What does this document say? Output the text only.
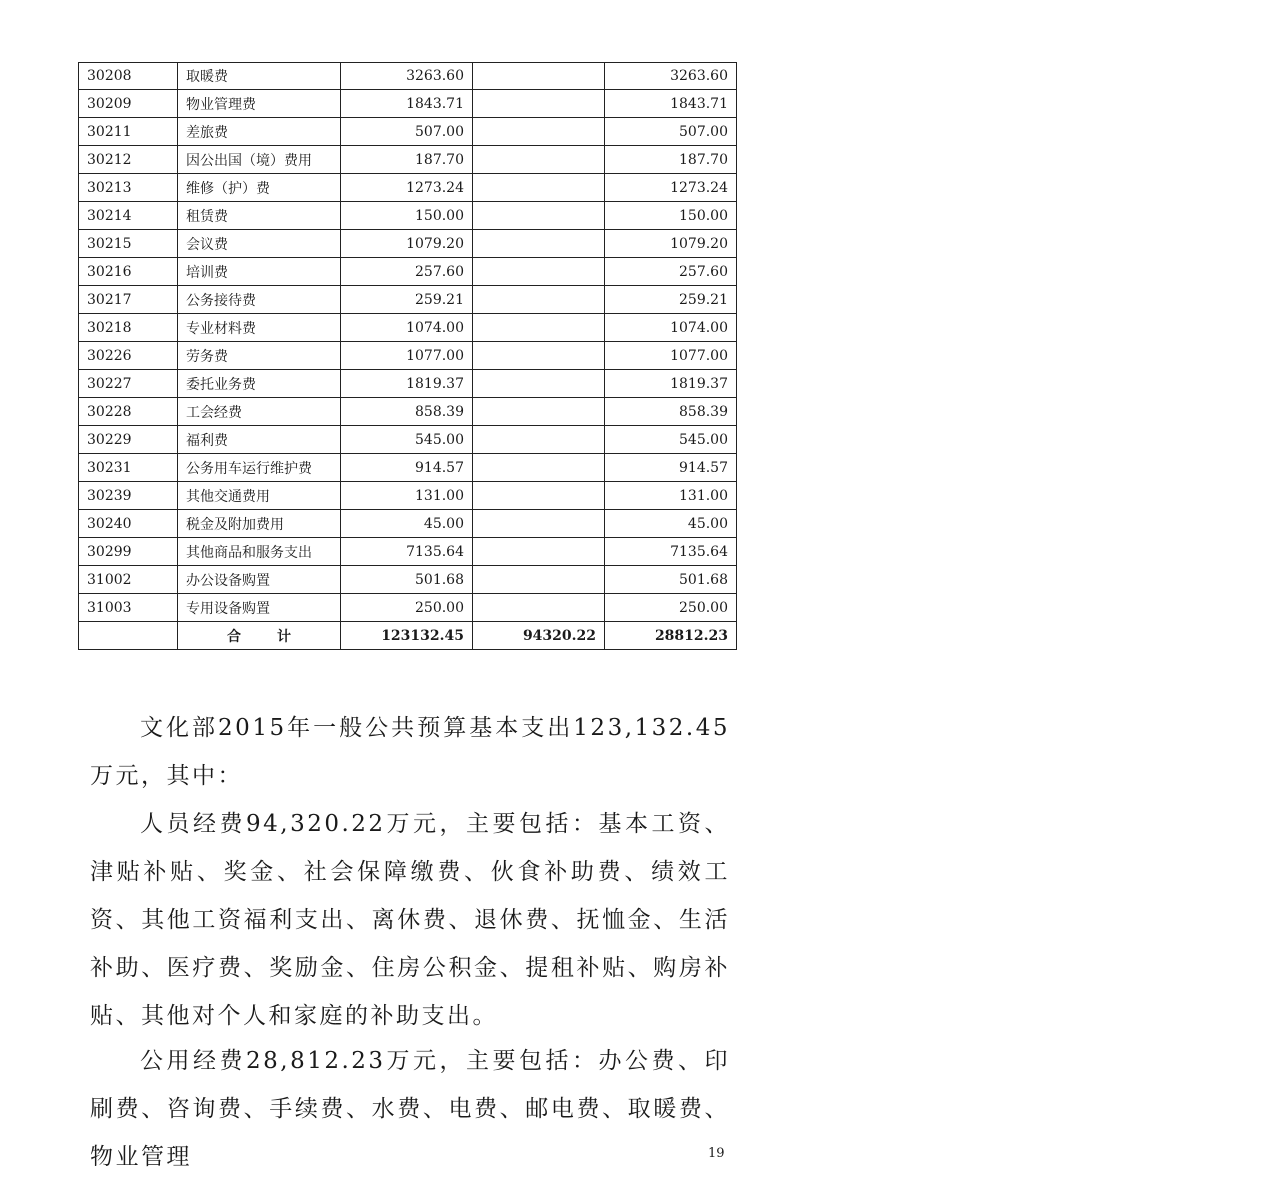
30208	取暖费	3263.60		3263.60
30209	物业管理费	1843.71		1843.71
30211	差旅费	507.00		507.00
30212	因公出国（境）费用	187.70		187.70
30213	维修（护）费	1273.24		1273.24
30214	租赁费	150.00		150.00
30215	会议费	1079.20		1079.20
30216	培训费	257.60		257.60
30217	公务接待费	259.21		259.21
30218	专业材料费	1074.00		1074.00
30226	劳务费	1077.00		1077.00
30227	委托业务费	1819.37		1819.37
30228	工会经费	858.39		858.39
30229	福利费	545.00		545.00
30231	公务用车运行维护费	914.57		914.57
30239	其他交通费用	131.00		131.00
30240	税金及附加费用	45.00		45.00
30299	其他商品和服务支出	7135.64		7135.64
31002	办公设备购置	501.68		501.68
31003	专用设备购置	250.00		250.00
	合 计	123132.45	94320.22	28812.23

文化部2015年一般公共预算基本支出123,132.45万元，其中：

人员经费94,320.22万元，主要包括：基本工资、津贴补贴、奖金、社会保障缴费、伙食补助费、绩效工资、其他工资福利支出、离休费、退休费、抚恤金、生活补助、医疗费、奖励金、住房公积金、提租补贴、购房补贴、其他对个人和家庭的补助支出。

公用经费28,812.23万元，主要包括：办公费、印刷费、咨询费、手续费、水费、电费、邮电费、取暖费、物业管理	19
